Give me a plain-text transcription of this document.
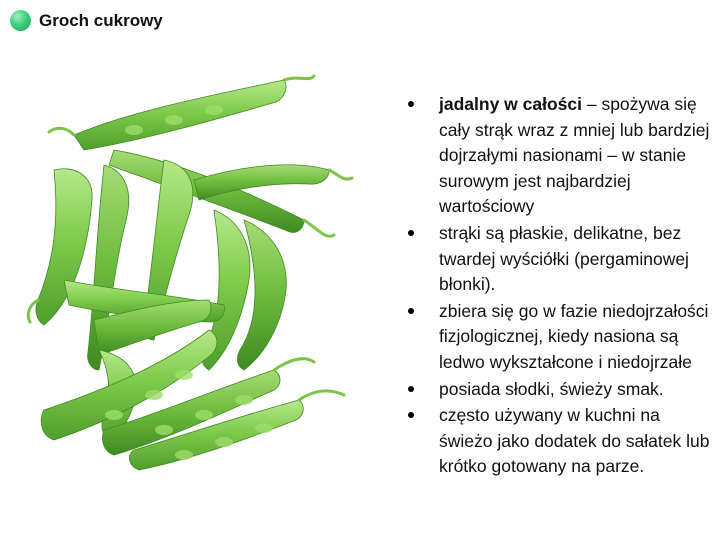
Groch cukrowy
jadalny w całości – spożywa się cały strąk wraz z mniej lub bardziej dojrzałymi nasionami – w stanie surowym jest najbardziej wartościowy
strąki są płaskie, delikatne, bez twardej wyściółki (pergaminowej błonki).
zbiera się go w fazie niedojrzałości fizjologicznej, kiedy nasiona są ledwo wykształcone i niedojrzałe
posiada słodki, świeży smak.
często używany w kuchni na świeżo jako dodatek do sałatek lub krótko gotowany na parze.
